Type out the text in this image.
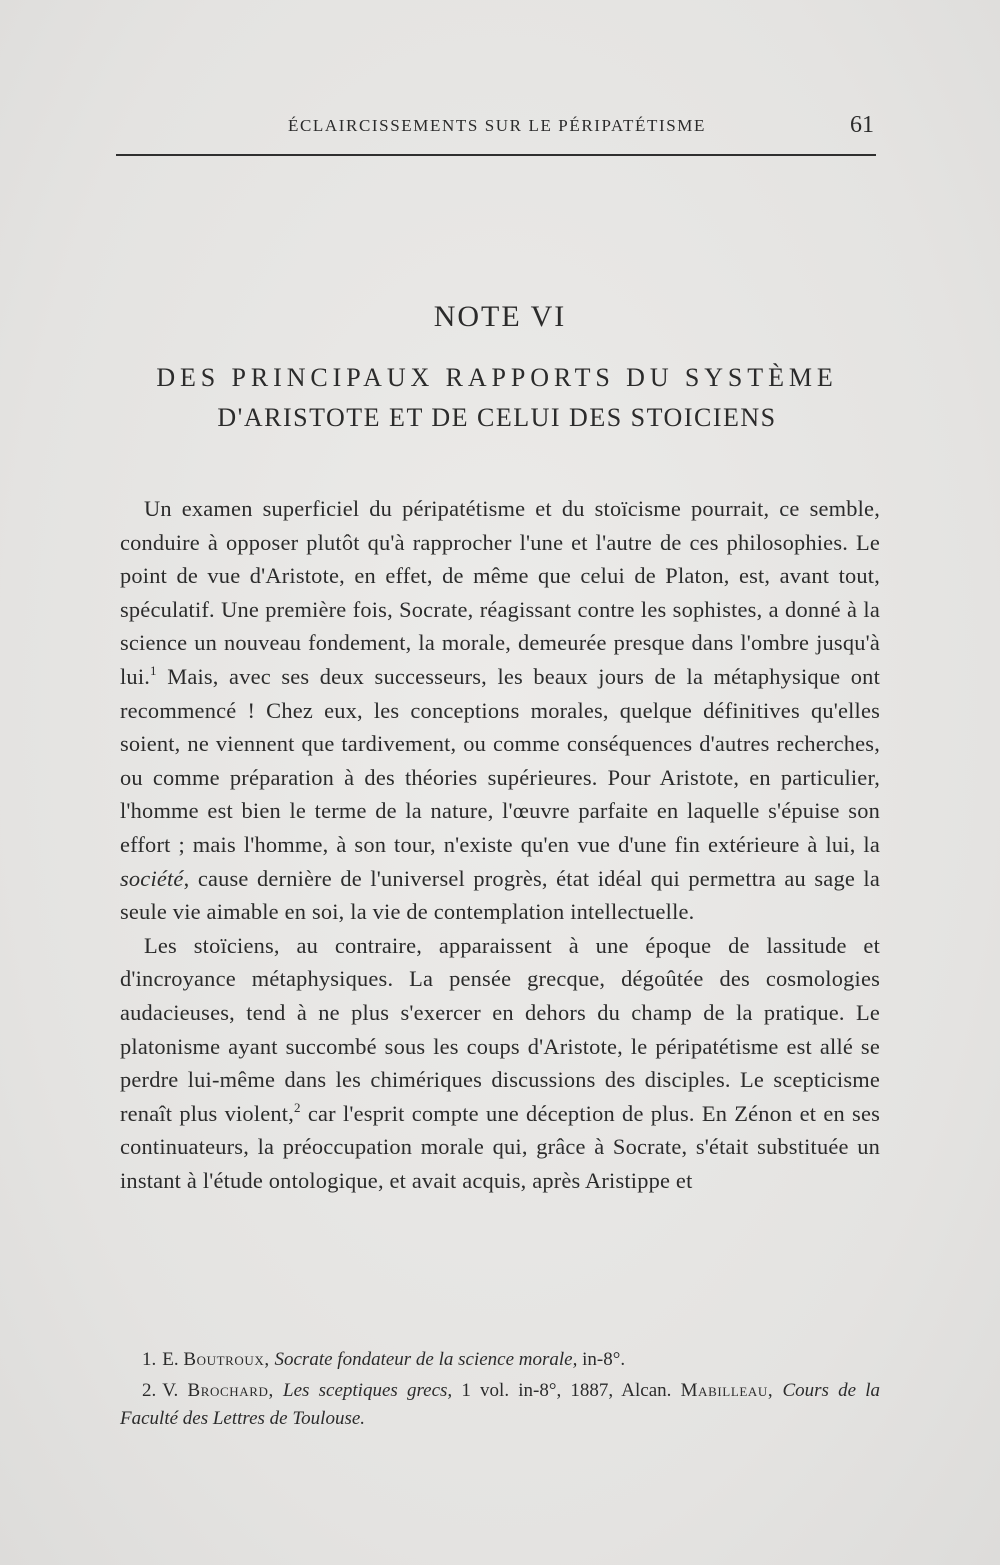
ÉCLAIRCISSEMENTS SUR LE PÉRIPATÉTISME	61
NOTE VI
DES PRINCIPAUX RAPPORTS DU SYSTÈME
D'ARISTOTE ET DE CELUI DES STOICIENS

Un examen superficiel du péripatétisme et du stoïcisme pourrait, ce semble, conduire à opposer plutôt qu'à rapprocher l'une et l'autre de ces philosophies. Le point de vue d'Aristote, en effet, de même que celui de Platon, est, avant tout, spéculatif. Une première fois, Socrate, réagissant contre les sophistes, a donné à la science un nouveau fondement, la morale, demeurée presque dans l'ombre jusqu'à lui.$^1$ Mais, avec ses deux successeurs, les beaux jours de la métaphysique ont recommencé ! Chez eux, les conceptions morales, quelque définitives qu'elles soient, ne viennent que tardivement, ou comme conséquences d'autres recherches, ou comme préparation à des théories supérieures. Pour Aristote, en particulier, l'homme est bien le terme de la nature, l'œuvre parfaite en laquelle s'épuise son effort ; mais l'homme, à son tour, n'existe qu'en vue d'une fin extérieure à lui, la société, cause dernière de l'universel progrès, état idéal qui permettra au sage la seule vie aimable en soi, la vie de contemplation intellectuelle.

Les stoïciens, au contraire, apparaissent à une époque de lassitude et d'incroyance métaphysiques. La pensée grecque, dégoûtée des cosmologies audacieuses, tend à ne plus s'exercer en dehors du champ de la pratique. Le platonisme ayant succombé sous les coups d'Aristote, le péripatétisme est allé se perdre lui-même dans les chimériques discussions des disciples. Le scepticisme renaît plus violent,$^2$ car l'esprit compte une déception de plus. En Zénon et en ses continuateurs, la préoccupation morale qui, grâce à Socrate, s'était substituée un instant à l'étude ontologique, et avait acquis, après Aristippe et

1. E. Boutroux, Socrate fondateur de la science morale, in-8°.

2. V. Brochard, Les sceptiques grecs, 1 vol. in-8°, 1887, Alcan. Mabilleau, Cours de la Faculté des Lettres de Toulouse.
